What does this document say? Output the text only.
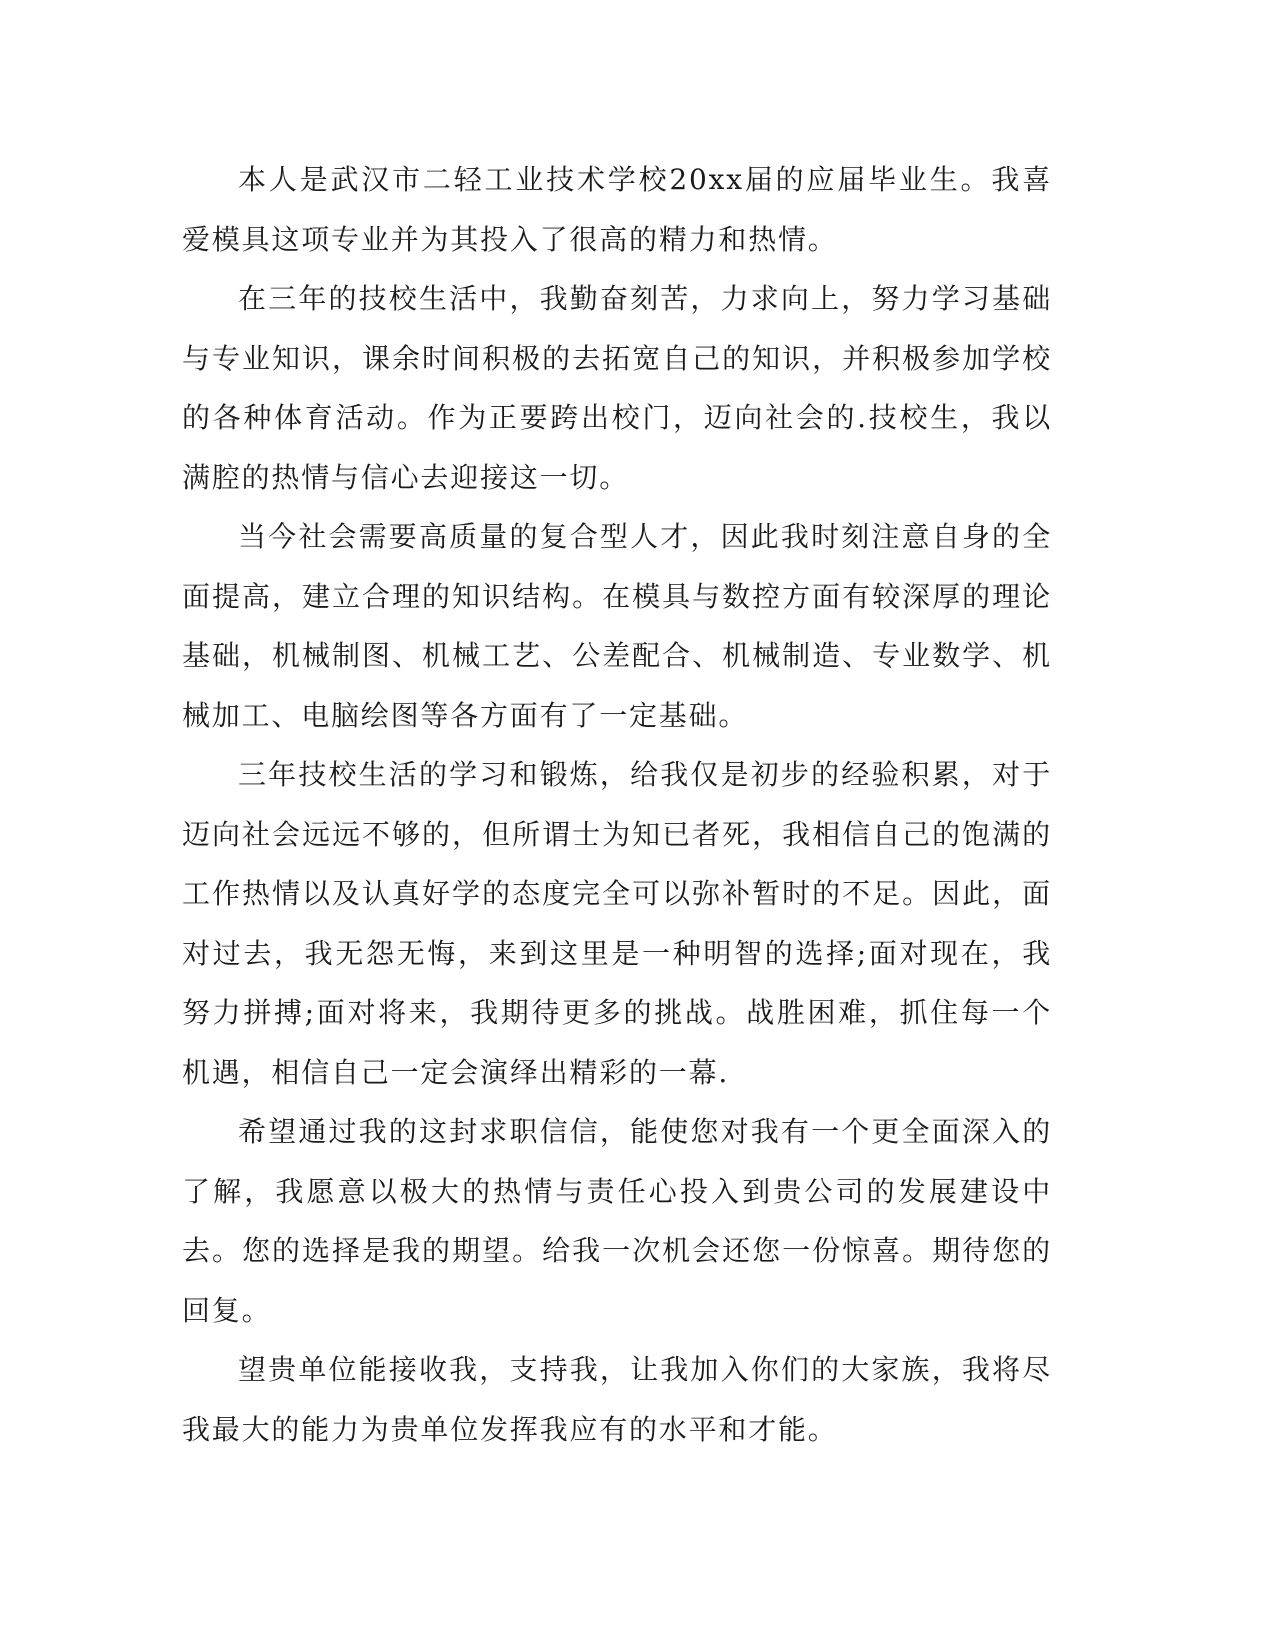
本人是武汉市二轻工业技术学校20xx届的应届毕业生。我喜爱模具这项专业并为其投入了很高的精力和热情。

在三年的技校生活中，我勤奋刻苦，力求向上，努力学习基础与专业知识，课余时间积极的去拓宽自己的知识，并积极参加学校的各种体育活动。作为正要跨出校门，迈向社会的.技校生，我以满腔的热情与信心去迎接这一切。

当今社会需要高质量的复合型人才，因此我时刻注意自身的全面提高，建立合理的知识结构。在模具与数控方面有较深厚的理论基础，机械制图、机械工艺、公差配合、机械制造、专业数学、机械加工、电脑绘图等各方面有了一定基础。

三年技校生活的学习和锻炼，给我仅是初步的经验积累，对于迈向社会远远不够的，但所谓士为知已者死，我相信自己的饱满的工作热情以及认真好学的态度完全可以弥补暂时的不足。因此，面对过去，我无怨无悔，来到这里是一种明智的选择;面对现在，我努力拼搏;面对将来，我期待更多的挑战。战胜困难，抓住每一个机遇，相信自己一定会演绎出精彩的一幕.

希望通过我的这封求职信信，能使您对我有一个更全面深入的了解，我愿意以极大的热情与责任心投入到贵公司的发展建设中去。您的选择是我的期望。给我一次机会还您一份惊喜。期待您的回复。

望贵单位能接收我，支持我，让我加入你们的大家族，我将尽我最大的能力为贵单位发挥我应有的水平和才能。
